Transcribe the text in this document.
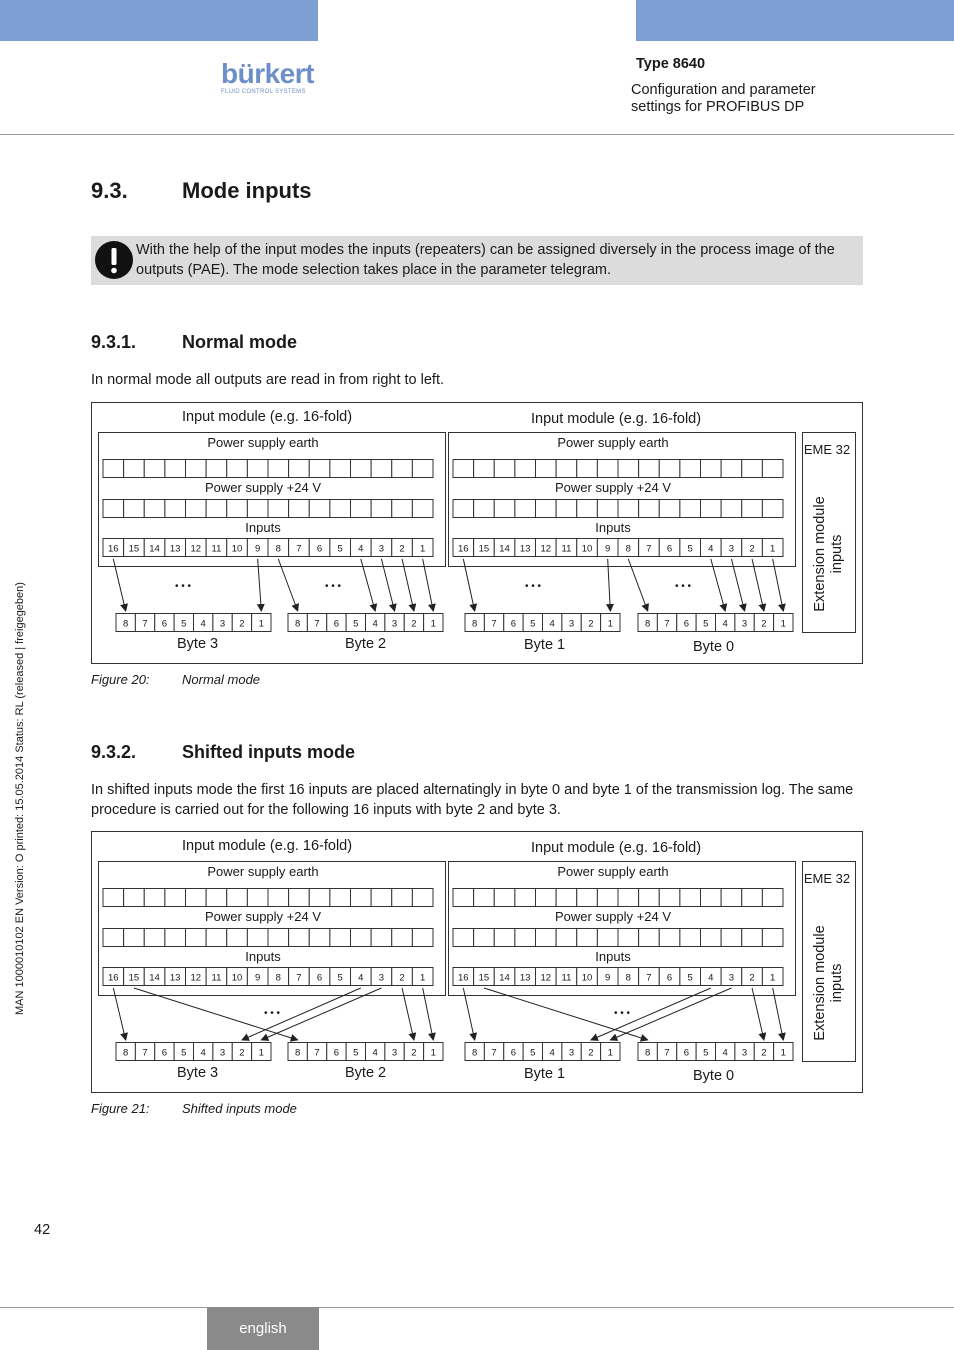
bürkert
FLUID CONTROL SYSTEMS
Type 8640
Configuration and parameter
settings for PROFIBUS DP
9.3. Mode inputs
With the help of the input modes the inputs (repeaters) can be assigned diversely in the process image of the outputs (PAE). The mode selection takes place in the parameter telegram.
9.3.1.	Normal mode
In normal mode all outputs are read in from right to left.
Input module (e.g. 16-fold)	Input module (e.g. 16-fold)
Power supply earth
Power supply +24 V
Inputs
16 15 14 13 12 11 10 9 8 7 6 5 4 3 2 1
Power supply earth
Power supply +24 V
Inputs
16 15 14 13 12 11 10 9 8 7 6 5 4 3 2 1
EME 32
Extension module inputs
8 7 6 5 4 3 2 1
Byte 3
8 7 6 5 4 3 2 1
Byte 2
8 7 6 5 4 3 2 1
Byte 1
8 7 6 5 4 3 2 1
Byte 0
• • •	• • •	• • •	• • •
Figure 20: Normal mode
9.3.2.	Shifted inputs mode
In shifted inputs mode the first 16 inputs are placed alternatingly in byte 0 and byte 1 of the transmission log. The same procedure is carried out for the following 16 inputs with byte 2 and byte 3.
Input module (e.g. 16-fold)	Input module (e.g. 16-fold)
Power supply earth
Power supply +24 V
Inputs
16 15 14 13 12 11 10 9 8 7 6 5 4 3 2 1
Power supply earth
Power supply +24 V
Inputs
16 15 14 13 12 11 10 9 8 7 6 5 4 3 2 1
EME 32
Extension module inputs
8 7 6 5 4 3 2 1
Byte 3
8 7 6 5 4 3 2 1
Byte 2
8 7 6 5 4 3 2 1
Byte 1
8 7 6 5 4 3 2 1
Byte 0
• • •	• • •
Figure 21: Shifted inputs mode
MAN 1000010102 EN Version: O printed: 15.05.2014 Status: RL (released | freigegeben)
42
english
